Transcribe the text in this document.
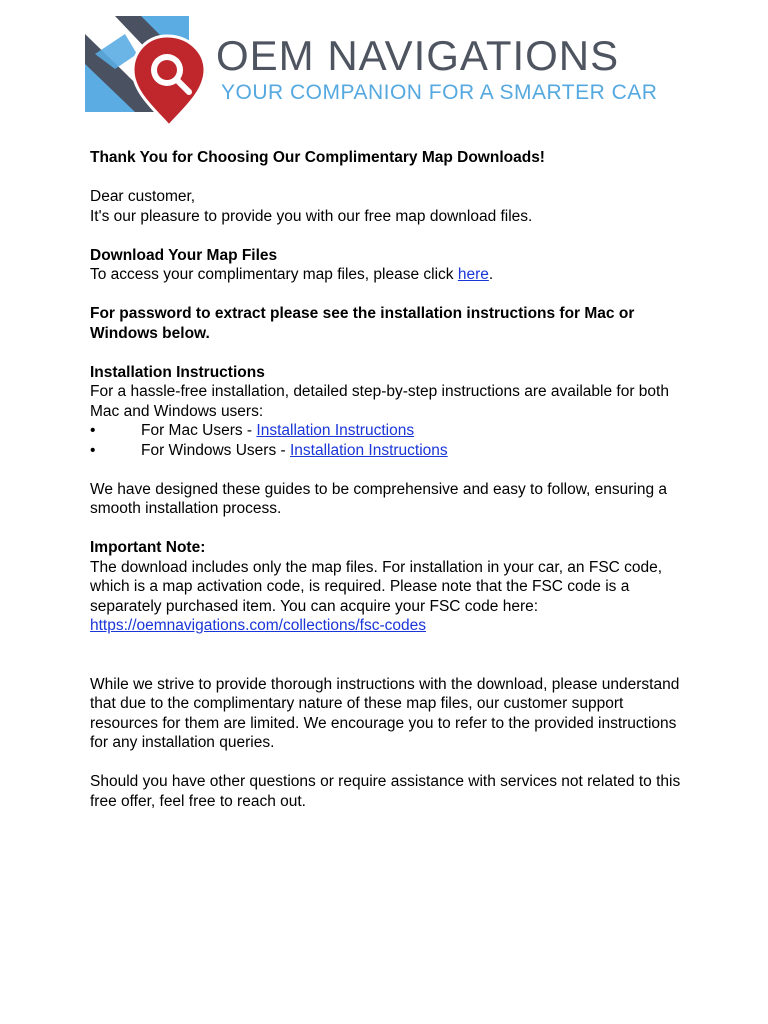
OEM NAVIGATIONS
YOUR COMPANION FOR A SMARTER CAR

Thank You for Choosing Our Complimentary Map Downloads!

Dear customer,

It's our pleasure to provide you with our free map download files.

Download Your Map Files

To access your complimentary map files, please click here.

For password to extract please see the installation instructions for Mac or Windows below.

Installation Instructions

For a hassle-free installation, detailed step-by-step instructions are available for both Mac and Windows users:

•	For Mac Users - Installation Instructions
•	For Windows Users - Installation Instructions

We have designed these guides to be comprehensive and easy to follow, ensuring a smooth installation process.

Important Note:

The download includes only the map files. For installation in your car, an FSC code, which is a map activation code, is required. Please note that the FSC code is a separately purchased item. You can acquire your FSC code here:

https://oemnavigations.com/collections/fsc-codes

While we strive to provide thorough instructions with the download, please understand that due to the complimentary nature of these map files, our customer support resources for them are limited. We encourage you to refer to the provided instructions for any installation queries.

Should you have other questions or require assistance with services not related to this free offer, feel free to reach out.
